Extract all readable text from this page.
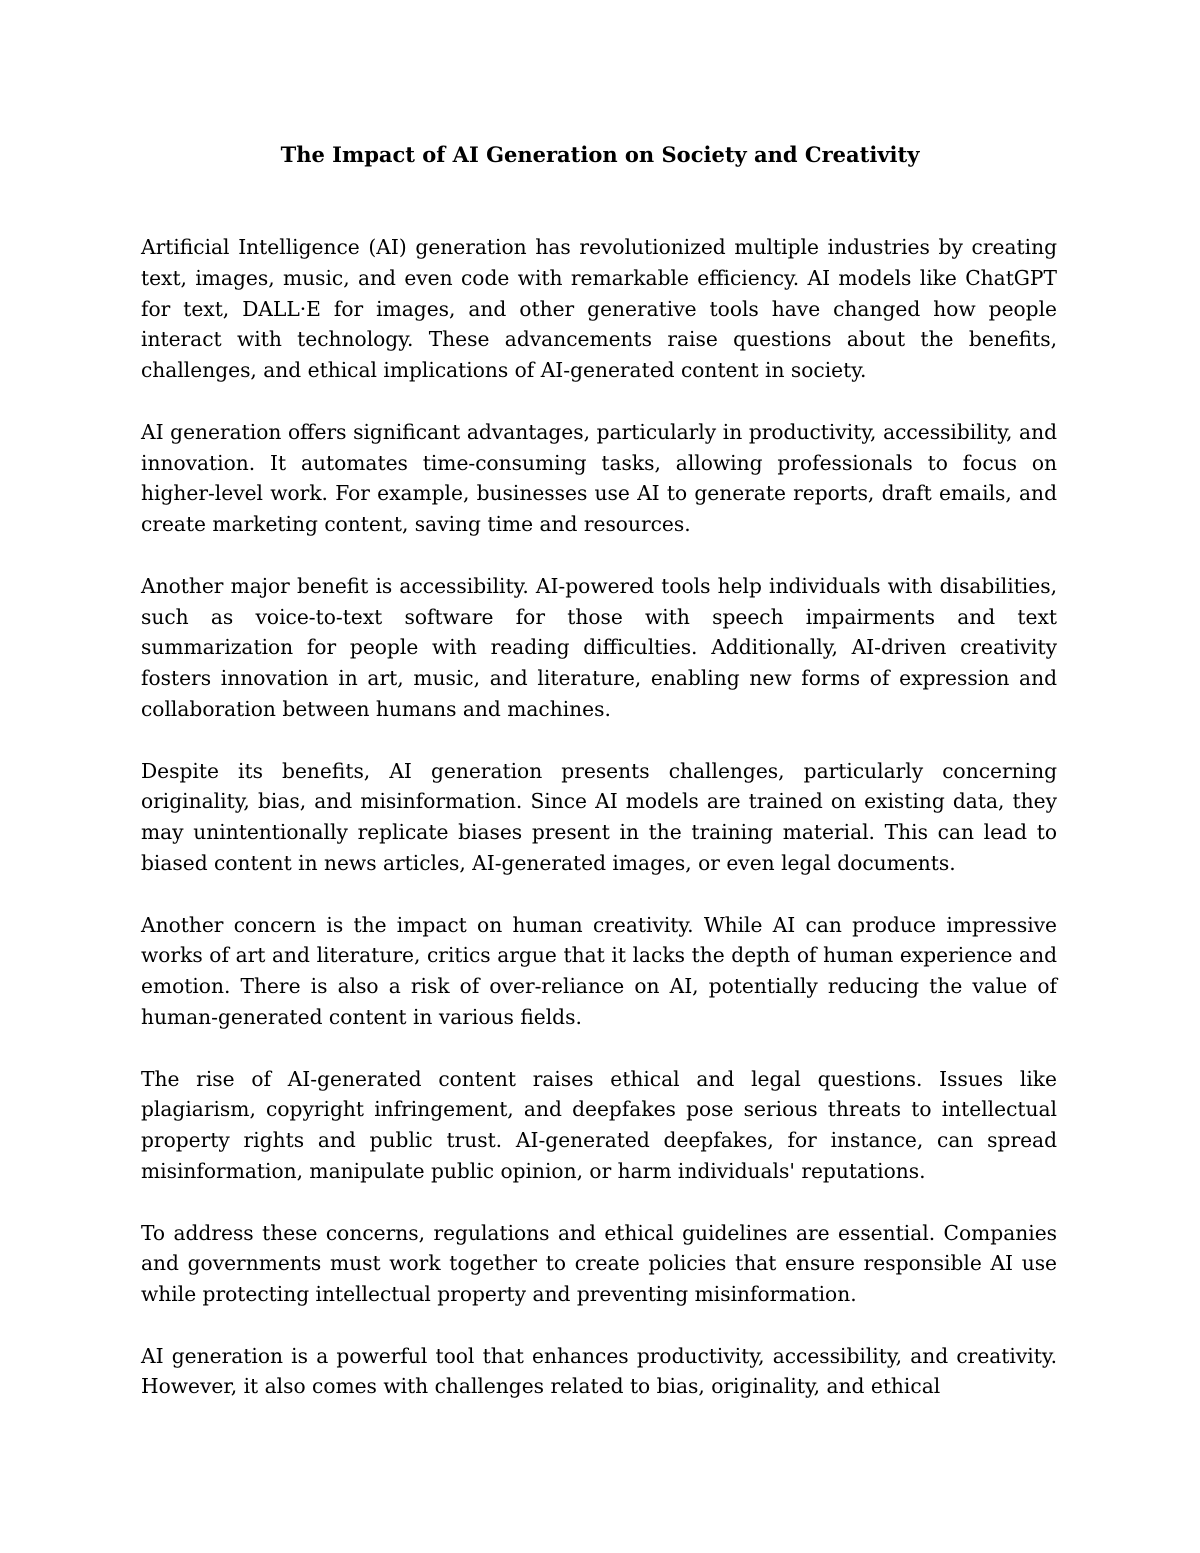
The Impact of AI Generation on Society and Creativity

Artificial Intelligence (AI) generation has revolutionized multiple industries by creating text, images, music, and even code with remarkable efficiency. AI models like ChatGPT for text, DALL·E for images, and other generative tools have changed how people interact with technology. These advancements raise questions about the benefits, challenges, and ethical implications of AI-generated content in society.

AI generation offers significant advantages, particularly in productivity, accessibility, and innovation. It automates time-consuming tasks, allowing professionals to focus on higher-level work. For example, businesses use AI to generate reports, draft emails, and create marketing content, saving time and resources.

Another major benefit is accessibility. AI-powered tools help individuals with disabilities, such as voice-to-text software for those with speech impairments and text summarization for people with reading difficulties. Additionally, AI-driven creativity fosters innovation in art, music, and literature, enabling new forms of expression and collaboration between humans and machines.

Despite its benefits, AI generation presents challenges, particularly concerning originality, bias, and misinformation. Since AI models are trained on existing data, they may unintentionally replicate biases present in the training material. This can lead to biased content in news articles, AI-generated images, or even legal documents.

Another concern is the impact on human creativity. While AI can produce impressive works of art and literature, critics argue that it lacks the depth of human experience and emotion. There is also a risk of over-reliance on AI, potentially reducing the value of human-generated content in various fields.

The rise of AI-generated content raises ethical and legal questions. Issues like plagiarism, copyright infringement, and deepfakes pose serious threats to intellectual property rights and public trust. AI-generated deepfakes, for instance, can spread misinformation, manipulate public opinion, or harm individuals' reputations.

To address these concerns, regulations and ethical guidelines are essential. Companies and governments must work together to create policies that ensure responsible AI use while protecting intellectual property and preventing misinformation.

AI generation is a powerful tool that enhances productivity, accessibility, and creativity. However, it also comes with challenges related to bias, originality, and ethical
